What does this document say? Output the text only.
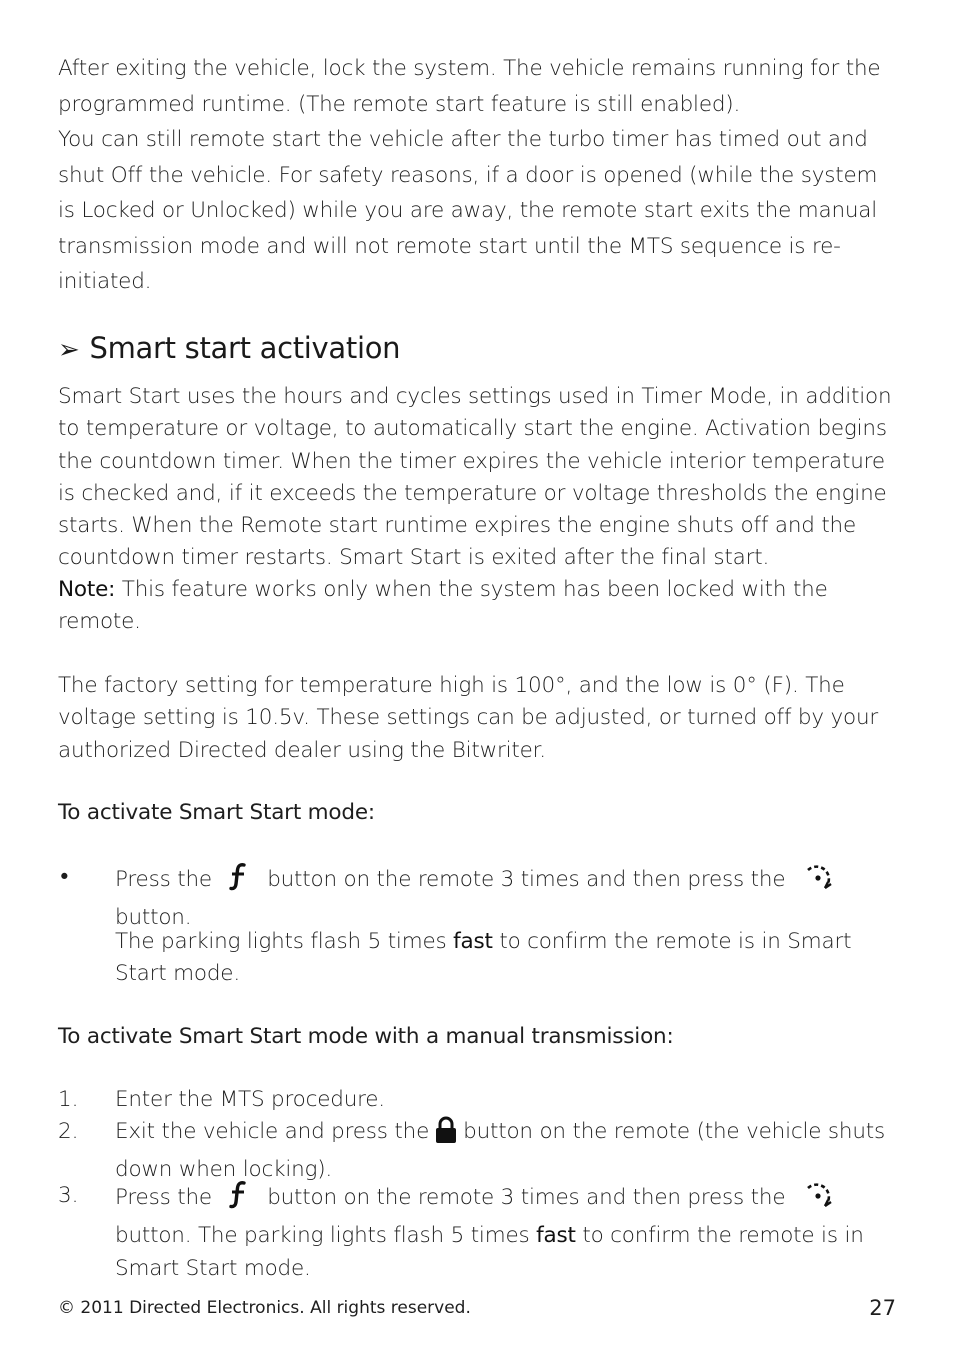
After exiting the vehicle, lock the system. The vehicle remains running for the programmed runtime. (The remote start feature is still enabled).
You can still remote start the vehicle after the turbo timer has timed out and shut Off the vehicle. For safety reasons, if a door is opened (while the system is Locked or Unlocked) while you are away, the remote start exits the manual transmission mode and will not remote start until the MTS sequence is re-initiated.
➢ Smart start activation
Smart Start uses the hours and cycles settings used in Timer Mode, in addition to temperature or voltage, to automatically start the engine. Activation begins the countdown timer. When the timer expires the vehicle interior temperature is checked and, if it exceeds the temperature or voltage thresholds the engine starts. When the Remote start runtime expires the engine shuts off and the countdown timer restarts. Smart Start is exited after the final start.
Note: This feature works only when the system has been locked with the remote.
The factory setting for temperature high is 100°, and the low is 0° (F). The voltage setting is 10.5v. These settings can be adjusted, or turned off by your authorized Directed dealer using the Bitwriter.
To activate Smart Start mode:
• Press the	button on the remote 3 times and then press the  button.
The parking lights flash 5 times fast to confirm the remote is in Smart Start mode.
To activate Smart Start mode with a manual transmission:
1. Enter the MTS procedure.
2. Exit the vehicle and press the button on the remote (the vehicle shuts down when locking).
3. Press the	button on the remote 3 times and then press the  button. The parking lights flash 5 times fast to confirm the remote is in Smart Start mode.
© 2011 Directed Electronics. All rights reserved.	27
